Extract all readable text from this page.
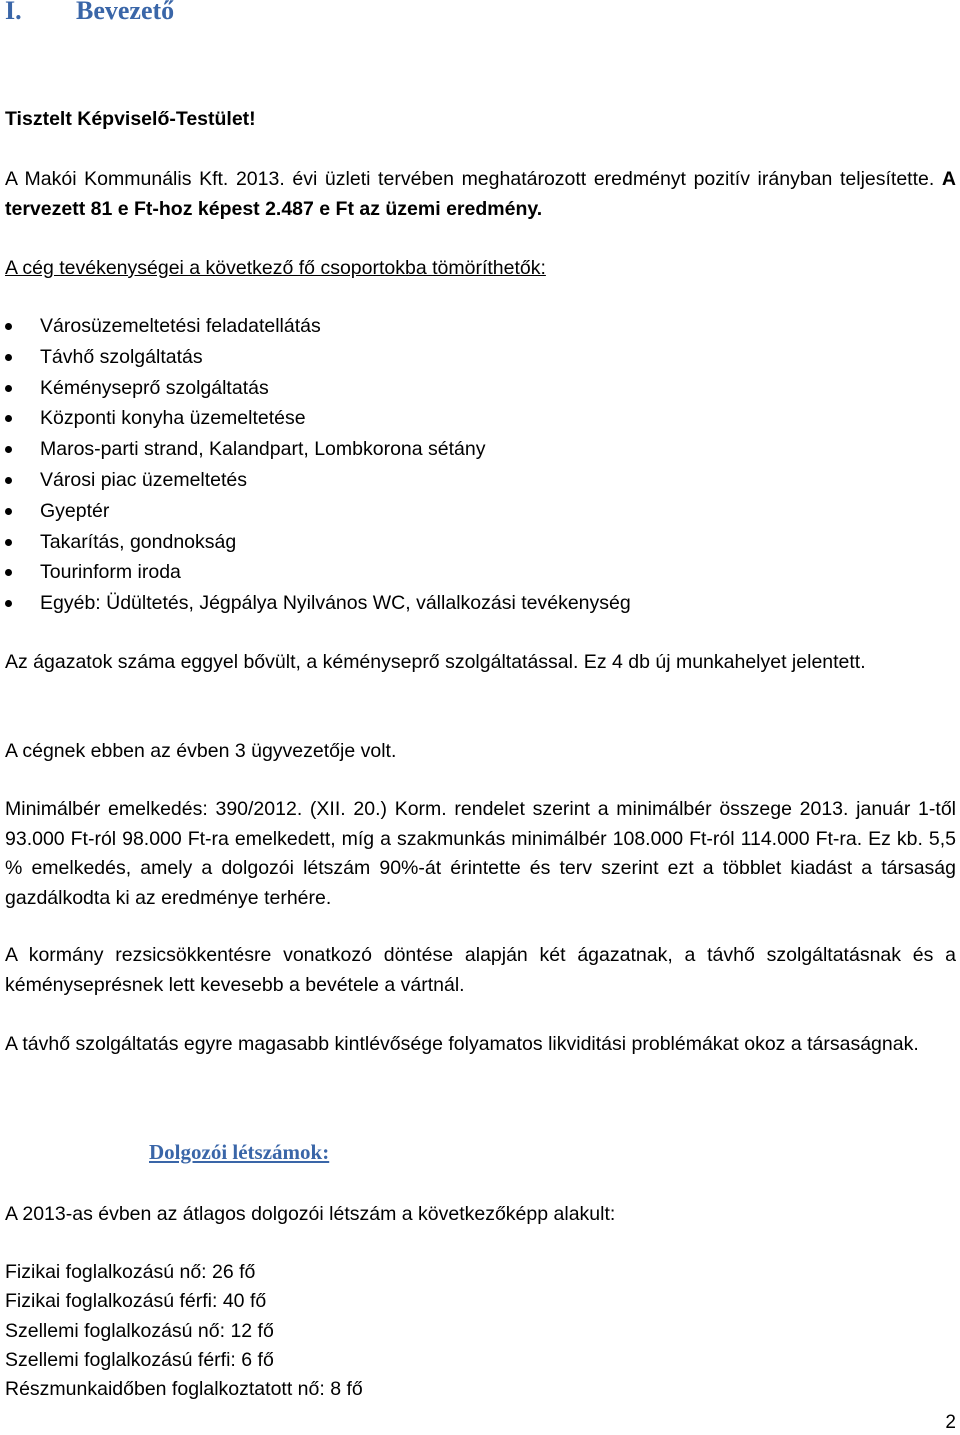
I. Bevezető
Tisztelt Képviselő-Testület!
A Makói Kommunális Kft. 2013. évi üzleti tervében meghatározott eredményt pozitív irányban teljesítette. A tervezett 81 e Ft-hoz képest 2.487 e Ft az üzemi eredmény.
A cég tevékenységei a következő fő csoportokba tömöríthetők:
Városüzemeltetési feladatellátás
Távhő szolgáltatás
Kéményseprő szolgáltatás
Központi konyha üzemeltetése
Maros-parti strand, Kalandpart, Lombkorona sétány
Városi piac üzemeltetés
Gyeptér
Takarítás, gondnokság
Tourinform iroda
Egyéb: Üdültetés, Jégpálya Nyilvános WC, vállalkozási tevékenység
Az ágazatok száma eggyel bővült, a kéményseprő szolgáltatással. Ez 4 db új munkahelyet jelentett.
A cégnek ebben az évben 3 ügyvezetője volt.
Minimálbér emelkedés: 390/2012. (XII. 20.) Korm. rendelet szerint a minimálbér összege 2013. január 1-től 93.000 Ft-ról 98.000 Ft-ra emelkedett, míg a szakmunkás minimálbér 108.000 Ft-ról 114.000 Ft-ra. Ez kb. 5,5 % emelkedés, amely a dolgozói létszám 90%-át érintette és terv szerint ezt a többlet kiadást a társaság gazdálkodta ki az eredménye terhére.
A kormány rezsicsökkentésre vonatkozó döntése alapján két ágazatnak, a távhő szolgáltatásnak és a kéményseprésnek lett kevesebb a bevétele a vártnál.
A távhő szolgáltatás egyre magasabb kintlévősége folyamatos likviditási problémákat okoz a társaságnak.
Dolgozói létszámok:
A 2013-as évben az átlagos dolgozói létszám a következőképp alakult:
Fizikai foglalkozású nő: 26 fő
Fizikai foglalkozású férfi: 40 fő
Szellemi foglalkozású nő: 12 fő
Szellemi foglalkozású férfi: 6 fő
Részmunkaidőben foglalkoztatott nő: 8 fő
2
